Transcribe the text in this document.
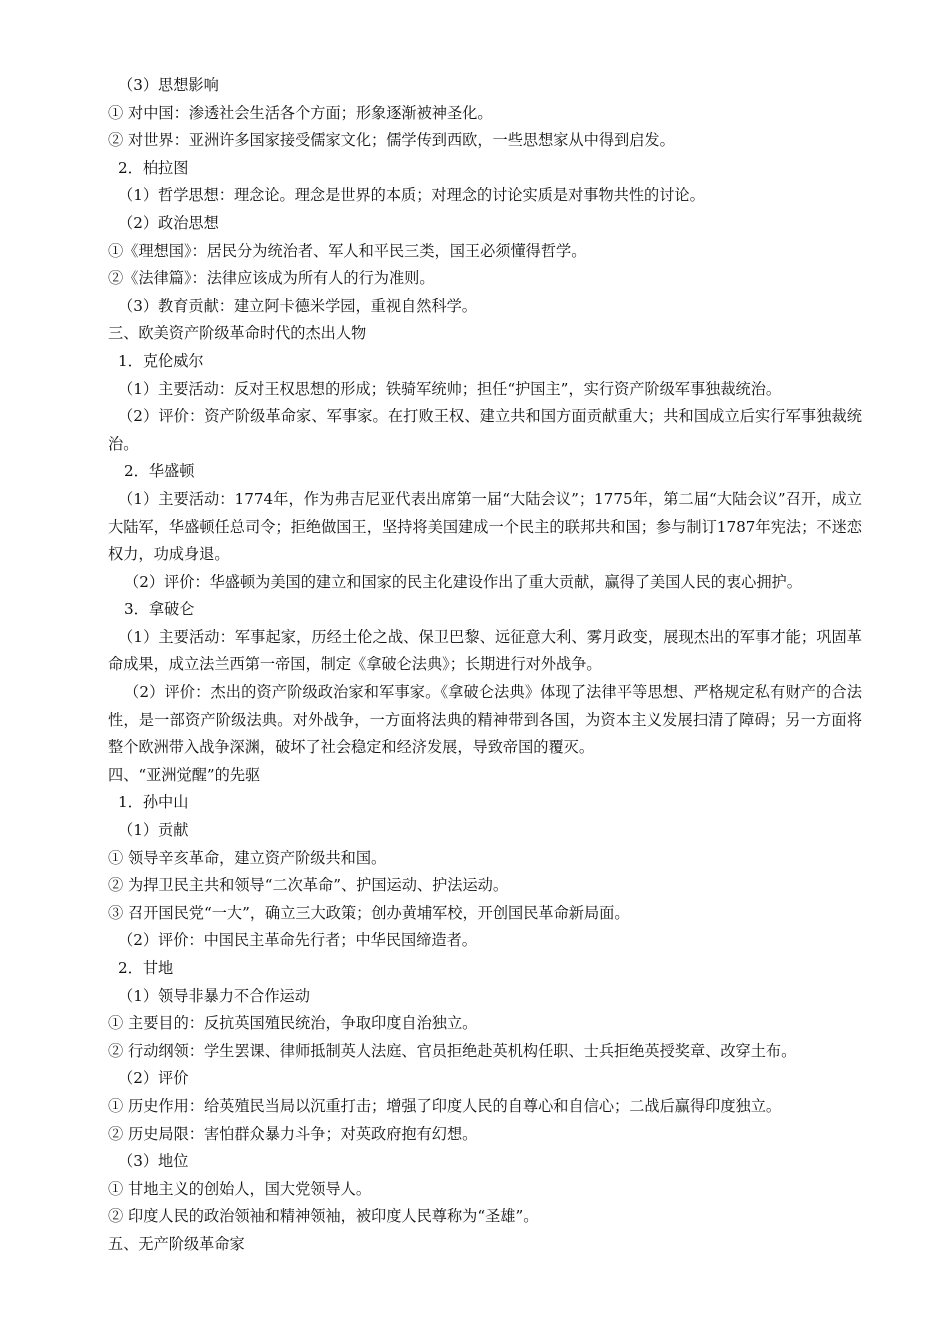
（3）思想影响
① 对中国：渗透社会生活各个方面；形象逐渐被神圣化。
② 对世界：亚洲许多国家接受儒家文化；儒学传到西欧，一些思想家从中得到启发。
2．柏拉图
（1）哲学思想：理念论。理念是世界的本质；对理念的讨论实质是对事物共性的讨论。
（2）政治思想
①《理想国》：居民分为统治者、军人和平民三类，国王必须懂得哲学。
②《法律篇》：法律应该成为所有人的行为准则。
（3）教育贡献：建立阿卡德米学园，重视自然科学。
三、欧美资产阶级革命时代的杰出人物
1．克伦威尔
（1）主要活动：反对王权思想的形成；铁骑军统帅；担任“护国主”，实行资产阶级军事独裁统治。
（2）评价：资产阶级革命家、军事家。在打败王权、建立共和国方面贡献重大；共和国成立后实行军事独裁统治。
2．华盛顿
（1）主要活动：1774年，作为弗吉尼亚代表出席第一届“大陆会议”；1775年，第二届“大陆会议”召开，成立大陆军，华盛顿任总司令；拒绝做国王，坚持将美国建成一个民主的联邦共和国；参与制订1787年宪法；不迷恋权力，功成身退。
（2）评价：华盛顿为美国的建立和国家的民主化建设作出了重大贡献，赢得了美国人民的衷心拥护。
3．拿破仑
（1）主要活动：军事起家，历经土伦之战、保卫巴黎、远征意大利、雾月政变，展现杰出的军事才能；巩固革命成果，成立法兰西第一帝国，制定《拿破仑法典》；长期进行对外战争。
（2）评价：杰出的资产阶级政治家和军事家。《拿破仑法典》体现了法律平等思想、严格规定私有财产的合法性，是一部资产阶级法典。对外战争，一方面将法典的精神带到各国，为资本主义发展扫清了障碍；另一方面将整个欧洲带入战争深渊，破坏了社会稳定和经济发展，导致帝国的覆灭。
四、“亚洲觉醒”的先驱
1．孙中山
（1）贡献
① 领导辛亥革命，建立资产阶级共和国。
② 为捍卫民主共和领导“二次革命”、护国运动、护法运动。
③ 召开国民党“一大”，确立三大政策；创办黄埔军校，开创国民革命新局面。
（2）评价：中国民主革命先行者；中华民国缔造者。
2．甘地
（1）领导非暴力不合作运动
① 主要目的：反抗英国殖民统治，争取印度自治独立。
② 行动纲领：学生罢课、律师抵制英人法庭、官员拒绝赴英机构任职、士兵拒绝英授奖章、改穿土布。
（2）评价
① 历史作用：给英殖民当局以沉重打击；增强了印度人民的自尊心和自信心；二战后赢得印度独立。
② 历史局限：害怕群众暴力斗争；对英政府抱有幻想。
（3）地位
① 甘地主义的创始人，国大党领导人。
② 印度人民的政治领袖和精神领袖，被印度人民尊称为“圣雄”。
五、无产阶级革命家
